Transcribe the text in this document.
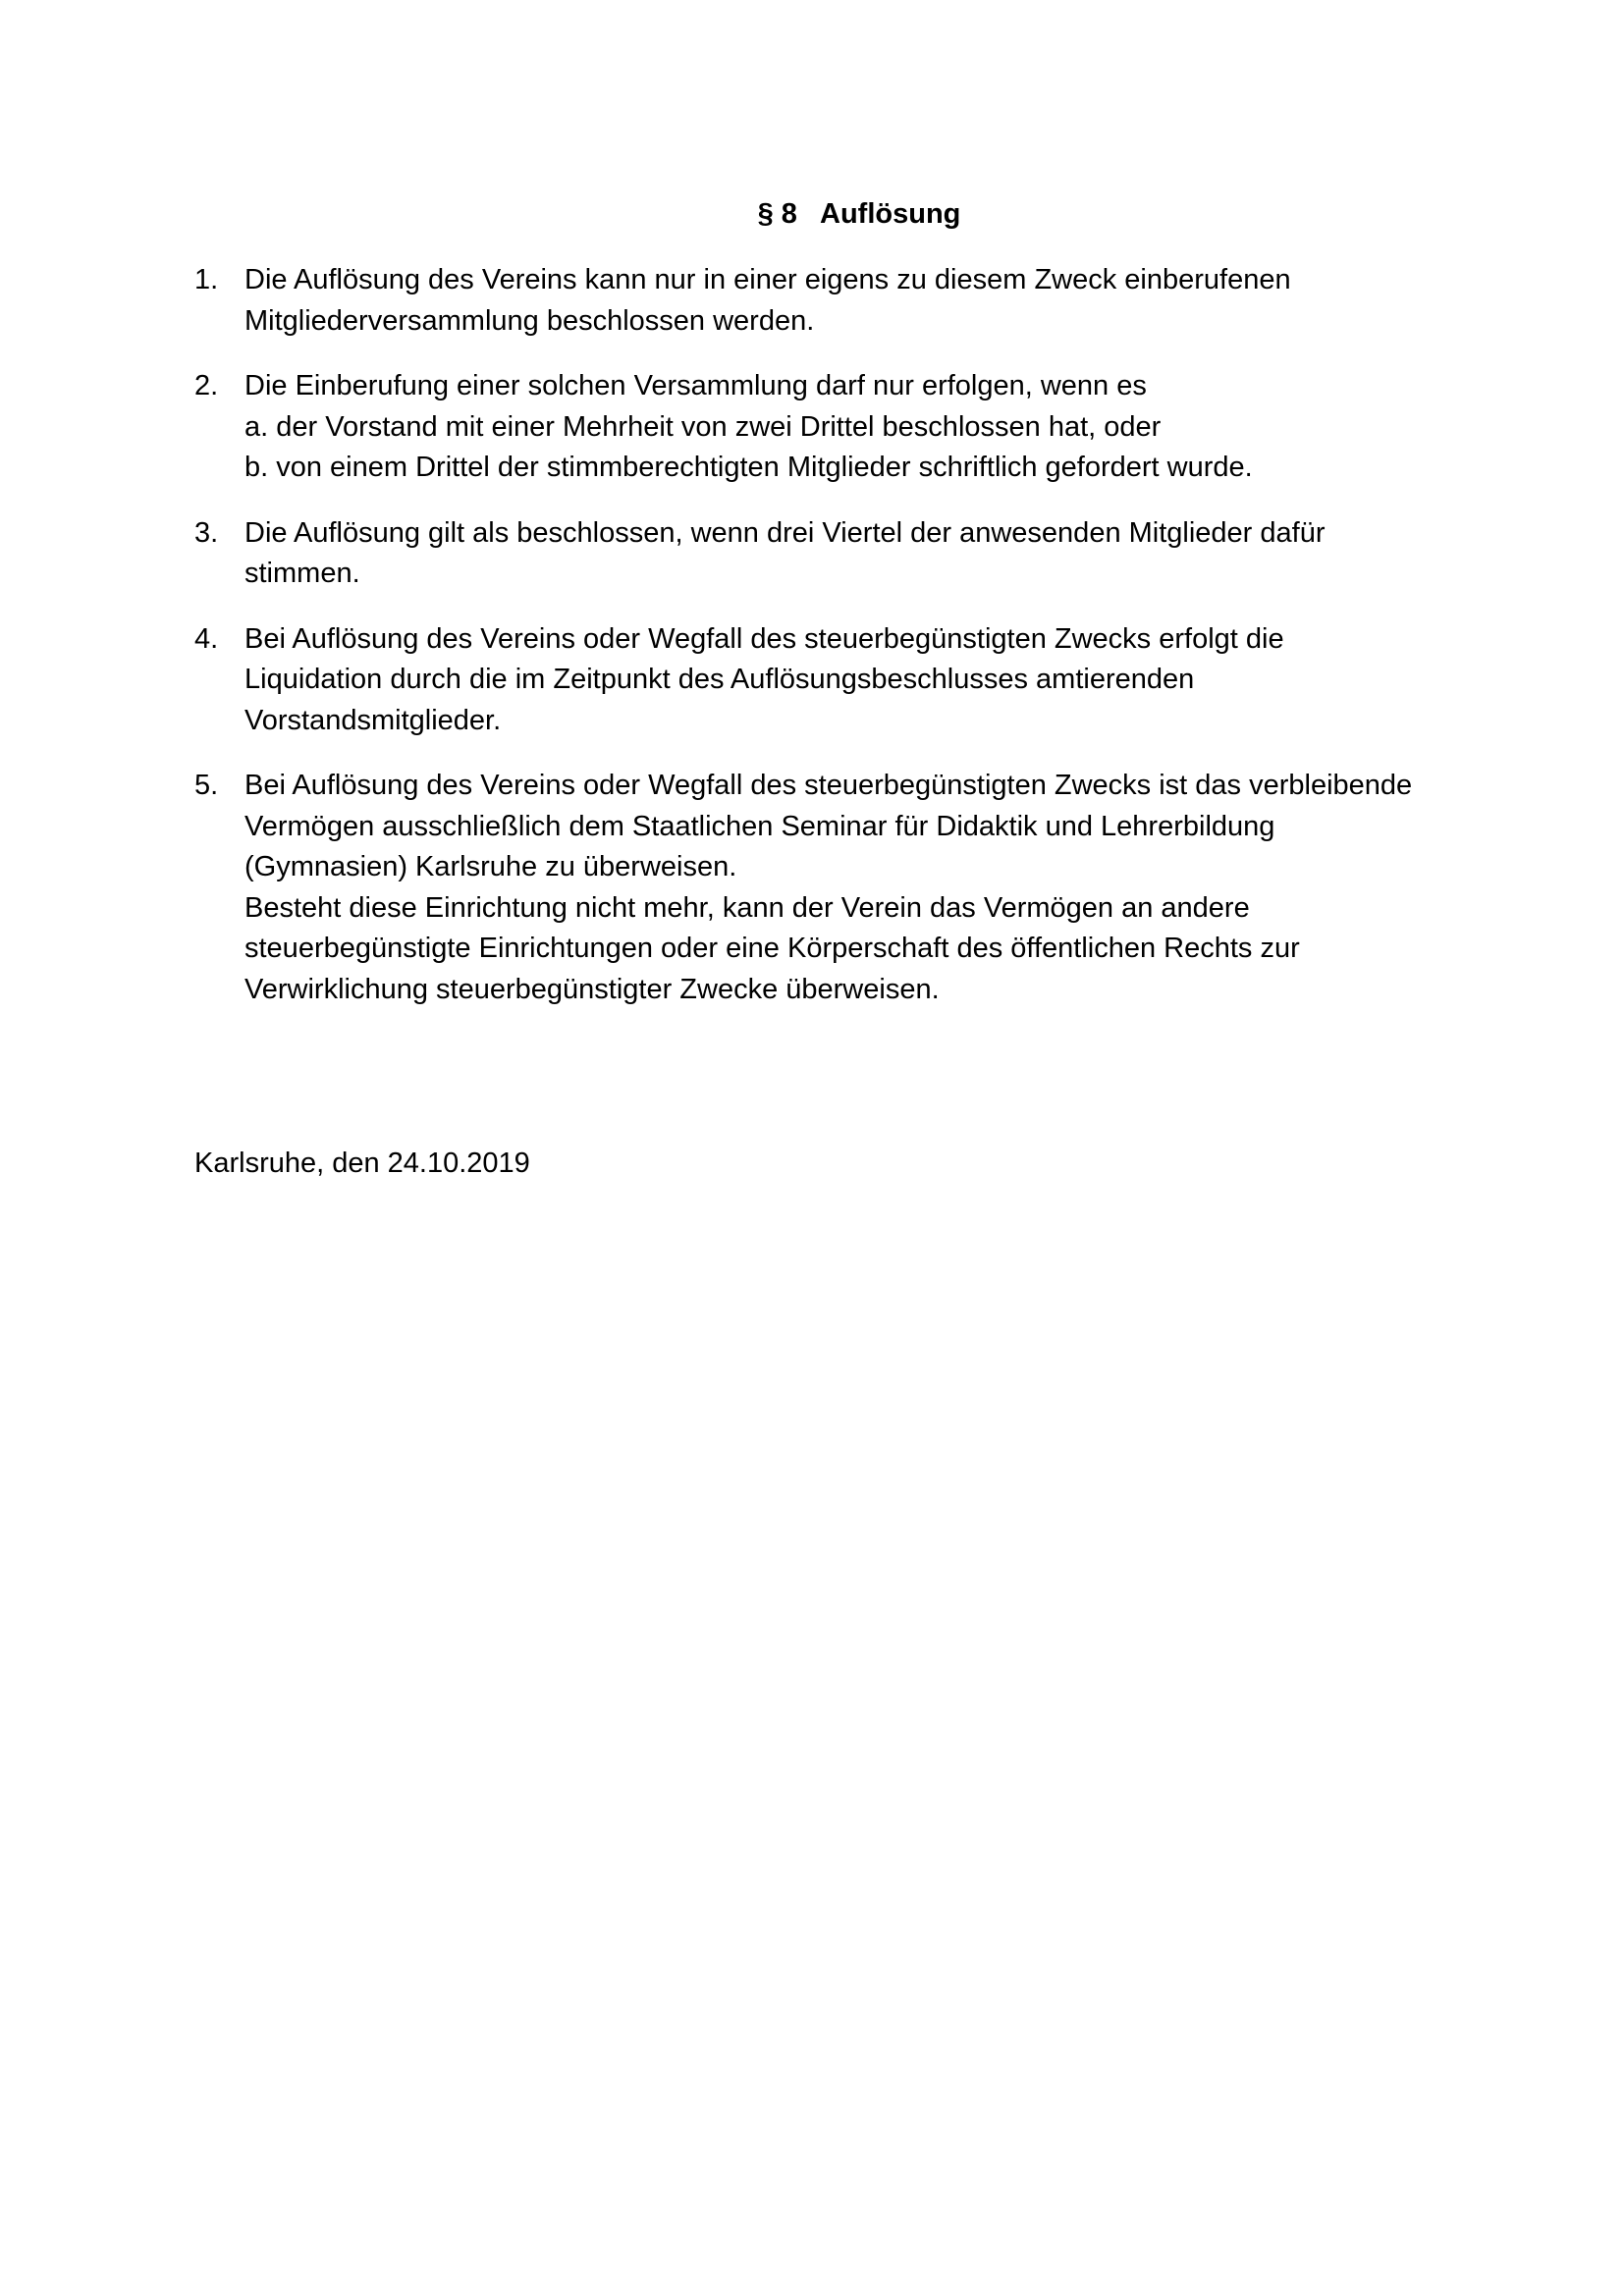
§ 8   Auflösung
1. Die Auflösung des Vereins kann nur in einer eigens zu diesem Zweck einberufenen
Mitgliederversammlung beschlossen werden.
2. Die Einberufung einer solchen Versammlung darf nur erfolgen, wenn es
a. der Vorstand mit einer Mehrheit von zwei Drittel beschlossen hat, oder
b. von einem Drittel der stimmberechtigten Mitglieder schriftlich gefordert wurde.
3. Die Auflösung gilt als beschlossen, wenn drei Viertel der anwesenden Mitglieder dafür
stimmen.
4. Bei Auflösung des Vereins oder Wegfall des steuerbegünstigten Zwecks erfolgt die
Liquidation durch die im Zeitpunkt des Auflösungsbeschlusses amtierenden
Vorstandsmitglieder.
5. Bei Auflösung des Vereins oder Wegfall des steuerbegünstigten Zwecks ist das verbleibende
Vermögen ausschließlich dem Staatlichen Seminar für Didaktik und Lehrerbildung
(Gymnasien) Karlsruhe zu überweisen.
Besteht diese Einrichtung nicht mehr, kann der Verein das Vermögen an andere
steuerbegünstigte Einrichtungen oder eine Körperschaft des öffentlichen Rechts zur
Verwirklichung steuerbegünstigter Zwecke überweisen.
Karlsruhe, den 24.10.2019
